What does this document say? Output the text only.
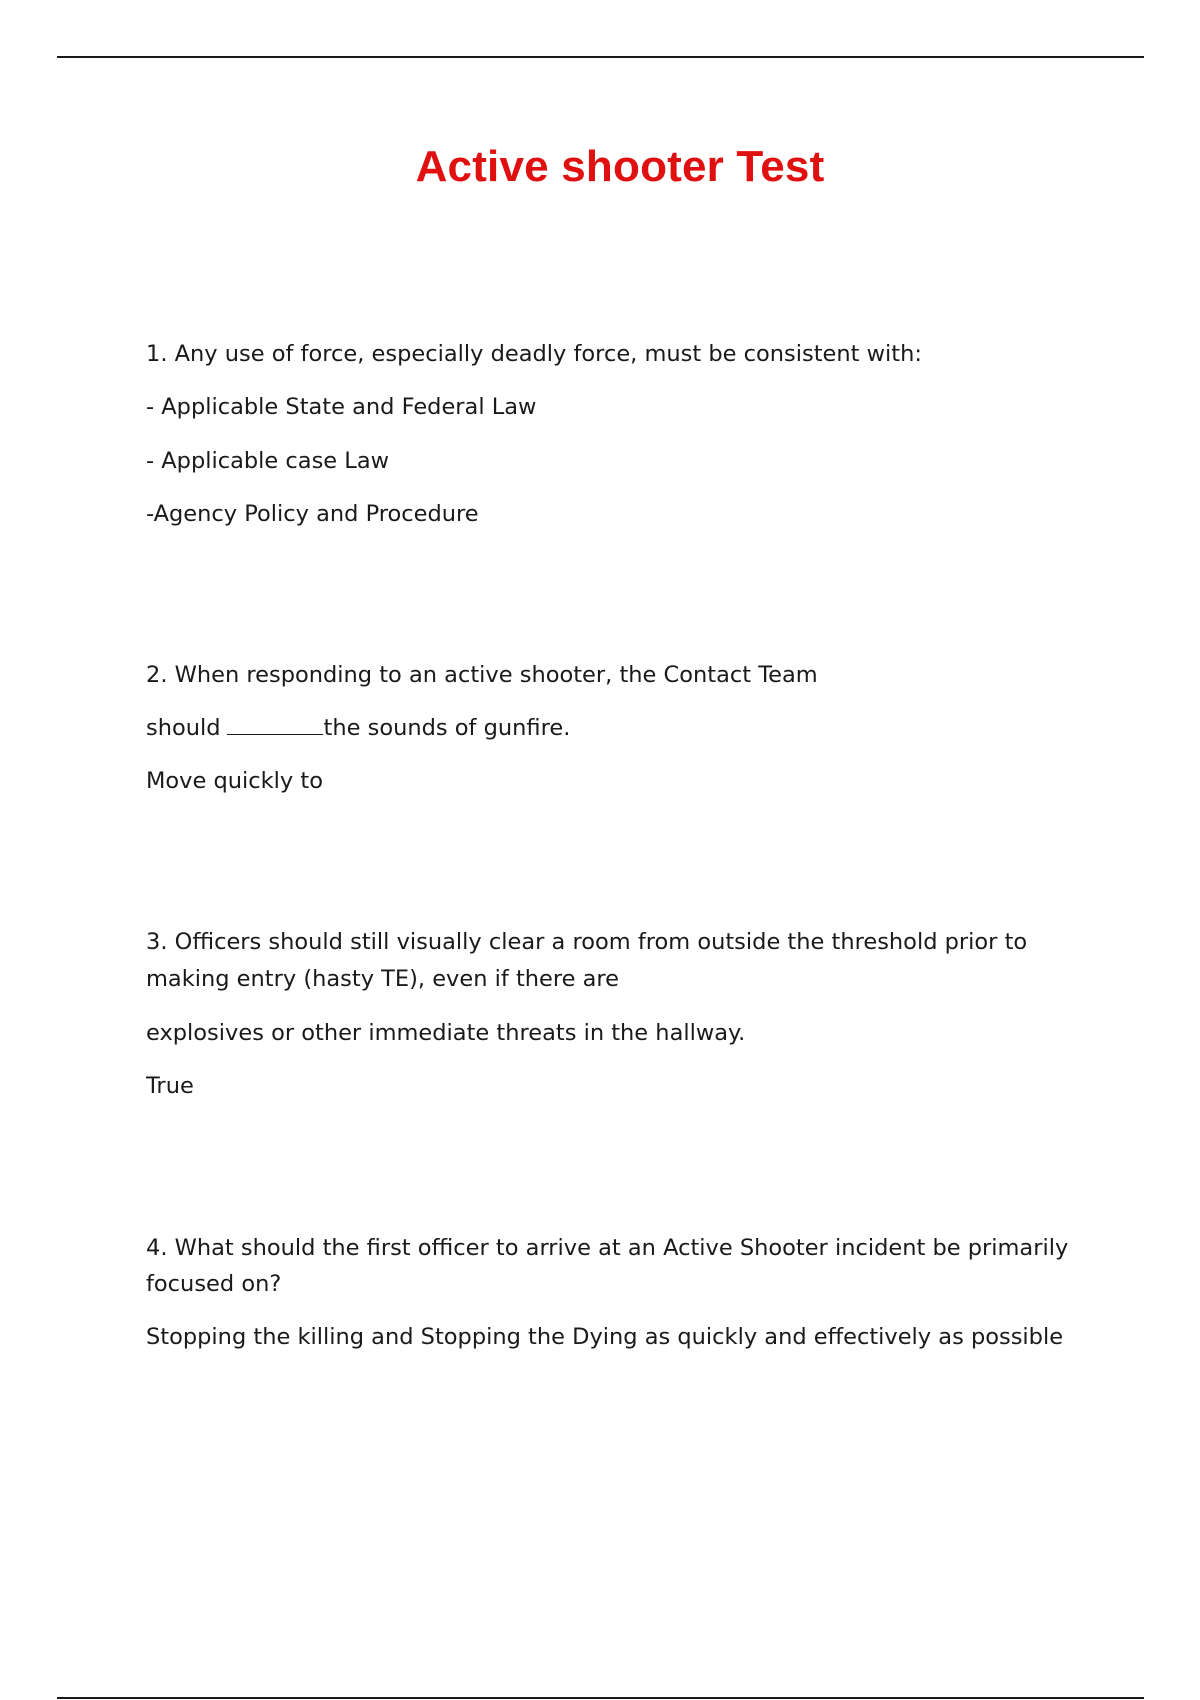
Active shooter Test
1. Any use of force, especially deadly force, must be consistent with:
- Applicable State and Federal Law
- Applicable case Law
-Agency Policy and Procedure
2. When responding to an active shooter, the Contact Team
should	the sounds of gunfire.
Move quickly to
3. Officers should still visually clear a room from outside the threshold prior to
making entry (hasty TE), even if there are
explosives or other immediate threats in the hallway.
True
4. What should the first officer to arrive at an Active Shooter incident be primarily
focused on?
Stopping the killing and Stopping the Dying as quickly and effectively as possible
